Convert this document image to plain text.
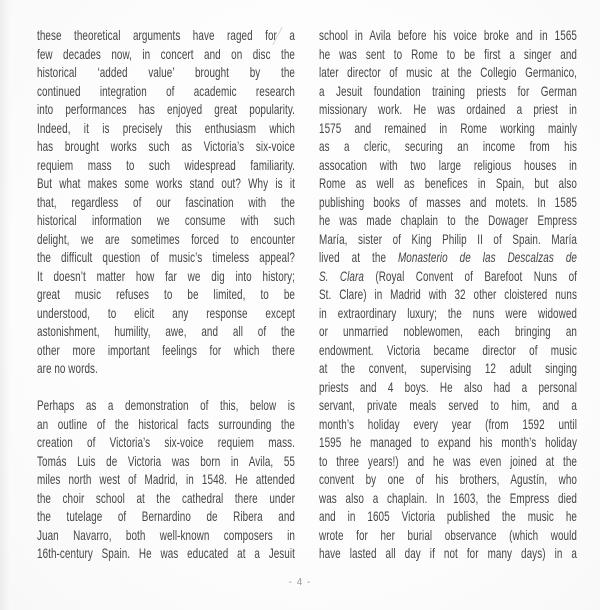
these theoretical arguments have raged for a
few decades now, in concert and on disc the
historical ‘added value’ brought by the
continued integration of academic research
into performances has enjoyed great popularity.
Indeed, it is precisely this enthusiasm which
has brought works such as Victoria’s six-voice
requiem mass to such widespread familiarity.
But what makes some works stand out? Why is it
that, regardless of our fascination with the
historical information we consume with such
delight, we are sometimes forced to encounter
the difficult question of music’s timeless appeal?
It doesn’t matter how far we dig into history;
great music refuses to be limited, to be
understood, to elicit any response except
astonishment, humility, awe, and all of the
other more important feelings for which there
are no words.
Perhaps as a demonstration of this, below is
an outline of the historical facts surrounding the
creation of Victoria’s six-voice requiem mass.
Tomás Luis de Victoria was born in Avila, 55
miles north west of Madrid, in 1548. He attended
the choir school at the cathedral there under
the tutelage of Bernardino de Ribera and
Juan Navarro, both well-known composers in
16th-century Spain. He was educated at a Jesuit
school in Avila before his voice broke and in 1565
he was sent to Rome to be first a singer and
later director of music at the Collegio Germanico,
a Jesuit foundation training priests for German
missionary work. He was ordained a priest in
1575 and remained in Rome working mainly
as a cleric, securing an income from his
assocation with two large religious houses in
Rome as well as benefices in Spain, but also
publishing books of masses and motets. In 1585
he was made chaplain to the Dowager Empress
María, sister of King Philip II of Spain. María
lived at the Monasterio de las Descalzas de
S. Clara (Royal Convent of Barefoot Nuns of
St. Clare) in Madrid with 32 other cloistered nuns
in extraordinary luxury; the nuns were widowed
or unmarried noblewomen, each bringing an
endowment. Victoria became director of music
at the convent, supervising 12 adult singing
priests and 4 boys. He also had a personal
servant, private meals served to him, and a
month’s holiday every year (from 1592 until
1595 he managed to expand his month’s holiday
to three years!) and he was even joined at the
convent by one of his brothers, Agustín, who
was also a chaplain. In 1603, the Empress died
and in 1605 Victoria published the music he
wrote for her burial observance (which would
have lasted all day if not for many days) in a
- 4 -
